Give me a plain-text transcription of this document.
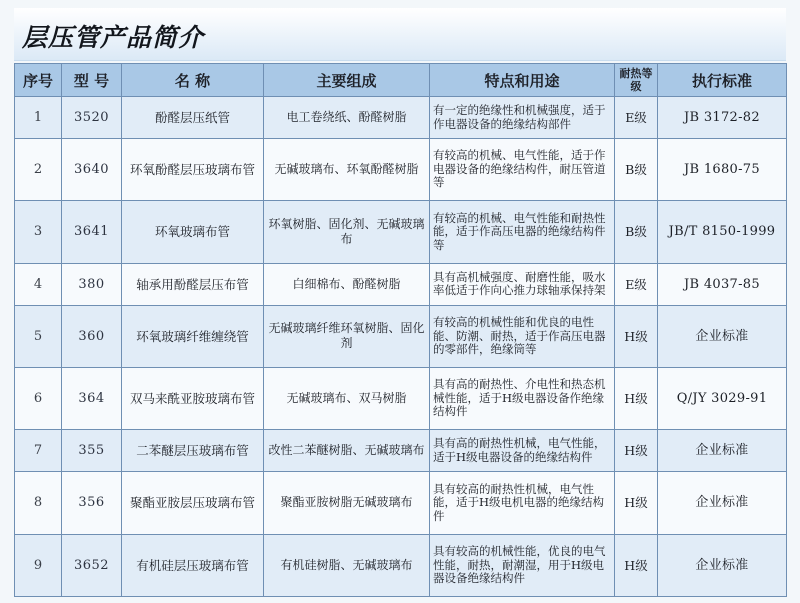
层压管产品简介
序号	型 号	名 称	主要组成	特点和用途	耐热等级	执行标准
1	3520	酚醛层压纸管	电工卷绕纸、酚醛树脂	有一定的绝缘性和机械强度，适于作电器设备的绝缘结构部件	E级	JB 3172-82
2	3640	环氧酚醛层压玻璃布管	无碱玻璃布、环氧酚醛树脂	有较高的机械、电气性能，适于作电器设备的绝缘结构件，耐压管道等	B级	JB 1680-75
3	3641	环氧玻璃布管	环氧树脂、固化剂、无碱玻璃布	有较高的机械、电气性能和耐热性能，适于作高压电器的绝缘结构件等	B级	JB/T 8150-1999
4	380	轴承用酚醛层压布管	白细棉布、酚醛树脂	具有高机械强度、耐磨性能，吸水率低适于作向心推力球轴承保持架	E级	JB 4037-85
5	360	环氧玻璃纤维缠绕管	无碱玻璃纤维环氧树脂、固化剂	有较高的机械性能和优良的电性能、防潮、耐热，适于作高压电器的零部件，绝缘筒等	H级	企业标准
6	364	双马来酰亚胺玻璃布管	无碱玻璃布、双马树脂	具有高的耐热性、介电性和热态机械性能，适于H级电器设备作绝缘结构件	H级	Q/JY 3029-91
7	355	二苯醚层压玻璃布管	改性二苯醚树脂、无碱玻璃布	具有高的耐热性机械，电气性能，适于H级电器设备的绝缘结构件	H级	企业标准
8	356	聚酯亚胺层压玻璃布管	聚酯亚胺树脂无碱玻璃布	具有较高的耐热性机械，电气性能，适于H级电机电器的绝缘结构件	H级	企业标准
9	3652	有机硅层压玻璃布管	有机硅树脂、无碱玻璃布	具有较高的机械性能，优良的电气性能，耐热，耐潮湿，用于H级电器设备绝缘结构件	H级	企业标准
